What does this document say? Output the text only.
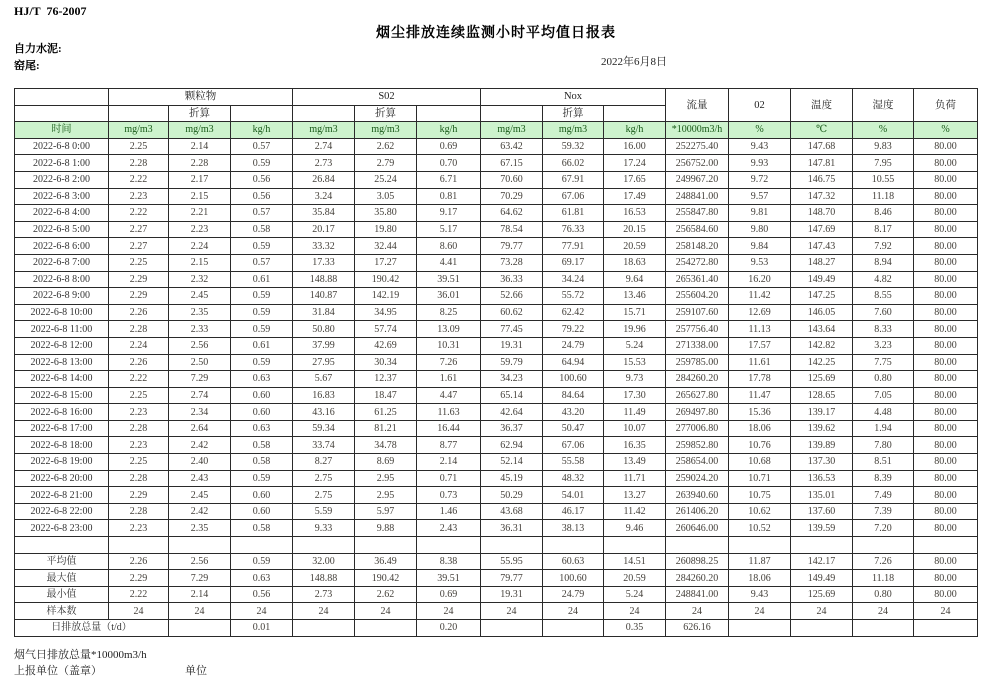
HJ/T  76-2007
烟尘排放连续监测小时平均值日报表
自力水泥:
窑尾:	2022年6月8日
	颗粒物			S02			Nox			流量	02	温度	湿度	负荷
		折算			折算			折算						
时间	mg/m3	mg/m3	kg/h	mg/m3	mg/m3	kg/h	mg/m3	mg/m3	kg/h	*10000m3/h	%	℃	%	%
2022-6-8 0:00	2.25	2.14	0.57	2.74	2.62	0.69	63.42	59.32	16.00	252275.40	9.43	147.68	9.83	80.00
2022-6-8 1:00	2.28	2.28	0.59	2.73	2.79	0.70	67.15	66.02	17.24	256752.00	9.93	147.81	7.95	80.00
2022-6-8 2:00	2.22	2.17	0.56	26.84	25.24	6.71	70.60	67.91	17.65	249967.20	9.72	146.75	10.55	80.00
2022-6-8 3:00	2.23	2.15	0.56	3.24	3.05	0.81	70.29	67.06	17.49	248841.00	9.57	147.32	11.18	80.00
2022-6-8 4:00	2.22	2.21	0.57	35.84	35.80	9.17	64.62	61.81	16.53	255847.80	9.81	148.70	8.46	80.00
2022-6-8 5:00	2.27	2.23	0.58	20.17	19.80	5.17	78.54	76.33	20.15	256584.60	9.80	147.69	8.17	80.00
2022-6-8 6:00	2.27	2.24	0.59	33.32	32.44	8.60	79.77	77.91	20.59	258148.20	9.84	147.43	7.92	80.00
2022-6-8 7:00	2.25	2.15	0.57	17.33	17.27	4.41	73.28	69.17	18.63	254272.80	9.53	148.27	8.94	80.00
2022-6-8 8:00	2.29	2.32	0.61	148.88	190.42	39.51	36.33	34.24	9.64	265361.40	16.20	149.49	4.82	80.00
2022-6-8 9:00	2.29	2.45	0.59	140.87	142.19	36.01	52.66	55.72	13.46	255604.20	11.42	147.25	8.55	80.00
2022-6-8 10:00	2.26	2.35	0.59	31.84	34.95	8.25	60.62	62.42	15.71	259107.60	12.69	146.05	7.60	80.00
2022-6-8 11:00	2.28	2.33	0.59	50.80	57.74	13.09	77.45	79.22	19.96	257756.40	11.13	143.64	8.33	80.00
2022-6-8 12:00	2.24	2.56	0.61	37.99	42.69	10.31	19.31	24.79	5.24	271338.00	17.57	142.82	3.23	80.00
2022-6-8 13:00	2.26	2.50	0.59	27.95	30.34	7.26	59.79	64.94	15.53	259785.00	11.61	142.25	7.75	80.00
2022-6-8 14:00	2.22	7.29	0.63	5.67	12.37	1.61	34.23	100.60	9.73	284260.20	17.78	125.69	0.80	80.00
2022-6-8 15:00	2.25	2.74	0.60	16.83	18.47	4.47	65.14	84.64	17.30	265627.80	11.47	128.65	7.05	80.00
2022-6-8 16:00	2.23	2.34	0.60	43.16	61.25	11.63	42.64	43.20	11.49	269497.80	15.36	139.17	4.48	80.00
2022-6-8 17:00	2.28	2.64	0.63	59.34	81.21	16.44	36.37	50.47	10.07	277006.80	18.06	139.62	1.94	80.00
2022-6-8 18:00	2.23	2.42	0.58	33.74	34.78	8.77	62.94	67.06	16.35	259852.80	10.76	139.89	7.80	80.00
2022-6-8 19:00	2.25	2.40	0.58	8.27	8.69	2.14	52.14	55.58	13.49	258654.00	10.68	137.30	8.51	80.00
2022-6-8 20:00	2.28	2.43	0.59	2.75	2.95	0.71	45.19	48.32	11.71	259024.20	10.71	136.53	8.39	80.00
2022-6-8 21:00	2.29	2.45	0.60	2.75	2.95	0.73	50.29	54.01	13.27	263940.60	10.75	135.01	7.49	80.00
2022-6-8 22:00	2.28	2.42	0.60	5.59	5.97	1.46	43.68	46.17	11.42	261406.20	10.62	137.60	7.39	80.00
2022-6-8 23:00	2.23	2.35	0.58	9.33	9.88	2.43	36.31	38.13	9.46	260646.00	10.52	139.59	7.20	80.00

平均值	2.26	2.56	0.59	32.00	36.49	8.38	55.95	60.63	14.51	260898.25	11.87	142.17	7.26	80.00
最大值	2.29	7.29	0.63	148.88	190.42	39.51	79.77	100.60	20.59	284260.20	18.06	149.49	11.18	80.00
最小值	2.22	2.14	0.56	2.73	2.62	0.69	19.31	24.79	5.24	248841.00	9.43	125.69	0.80	80.00
样本数	24	24	24	24	24	24	24	24	24	24	24	24	24	24
日排放总量（t/d）			0.01			0.20			0.35	626.16				
烟气日排放总量*10000m3/h
上报单位（盖章）	单位
